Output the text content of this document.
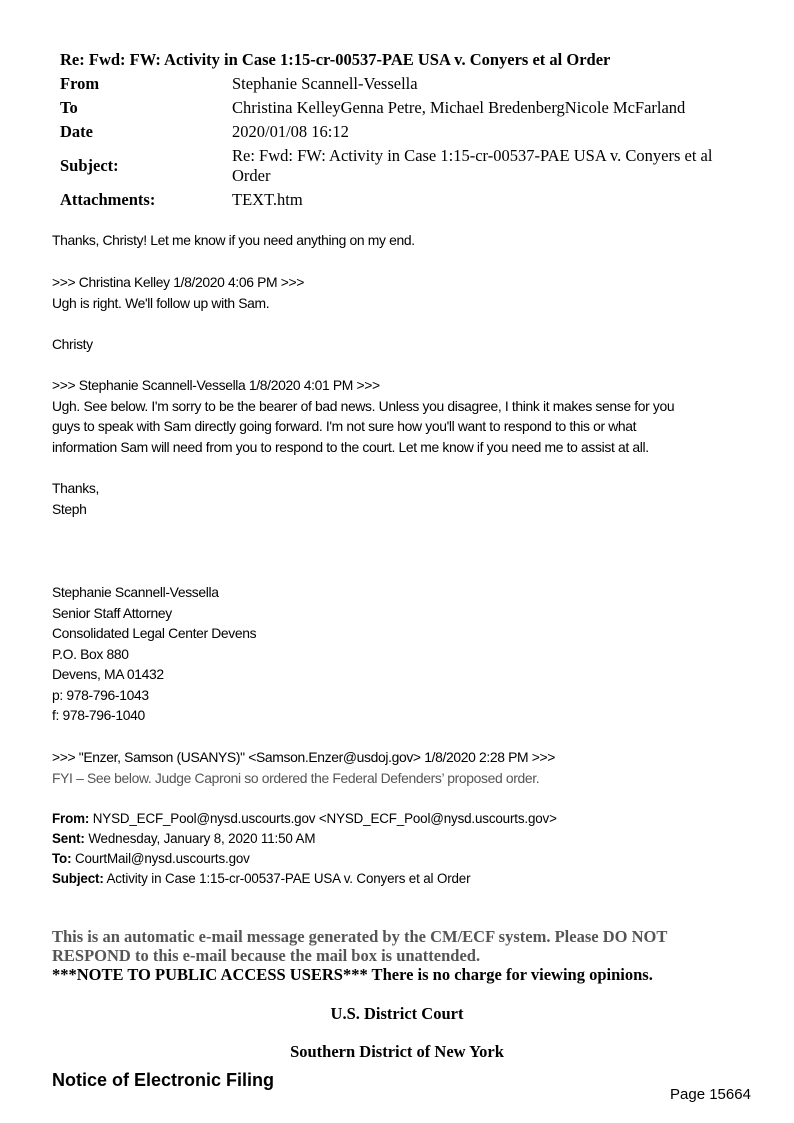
Re: Fwd: FW: Activity in Case 1:15-cr-00537-PAE USA v. Conyers et al Order
From	Stephanie Scannell-Vessella
To	Christina KelleyGenna Petre, Michael BredenbergNicole McFarland
Date	2020/01/08 16:12
Subject:	Re: Fwd: FW: Activity in Case 1:15-cr-00537-PAE USA v. Conyers et al Order
Attachments:	TEXT.htm

Thanks, Christy! Let me know if you need anything on my end.

>>> Christina Kelley 1/8/2020 4:06 PM >>>

Ugh is right. We'll follow up with Sam.

Christy

>>> Stephanie Scannell-Vessella 1/8/2020 4:01 PM >>>

Ugh. See below. I'm sorry to be the bearer of bad news. Unless you disagree, I think it makes sense for you

guys to speak with Sam directly going forward. I'm not sure how you'll want to respond to this or what

information Sam will need from you to respond to the court. Let me know if you need me to assist at all.

Thanks,

Steph

Stephanie Scannell-Vessella

Senior Staff Attorney

Consolidated Legal Center Devens

P.O. Box 880

Devens, MA 01432

p: 978-796-1043

f: 978-796-1040

>>> "Enzer, Samson (USANYS)" <Samson.Enzer@usdoj.gov> 1/8/2020 2:28 PM >>>

FYI – See below. Judge Caproni so ordered the Federal Defenders’ proposed order.

From: NYSD_ECF_Pool@nysd.uscourts.gov <NYSD_ECF_Pool@nysd.uscourts.gov>
Sent: Wednesday, January 8, 2020 11:50 AM
To: CourtMail@nysd.uscourts.gov
Subject: Activity in Case 1:15-cr-00537-PAE USA v. Conyers et al Order
This is an automatic e-mail message generated by the CM/ECF system. Please DO NOT
RESPOND to this e-mail because the mail box is unattended.
***NOTE TO PUBLIC ACCESS USERS*** There is no charge for viewing opinions.
U.S. District Court
Southern District of New York
Notice of Electronic Filing
Page 15664
